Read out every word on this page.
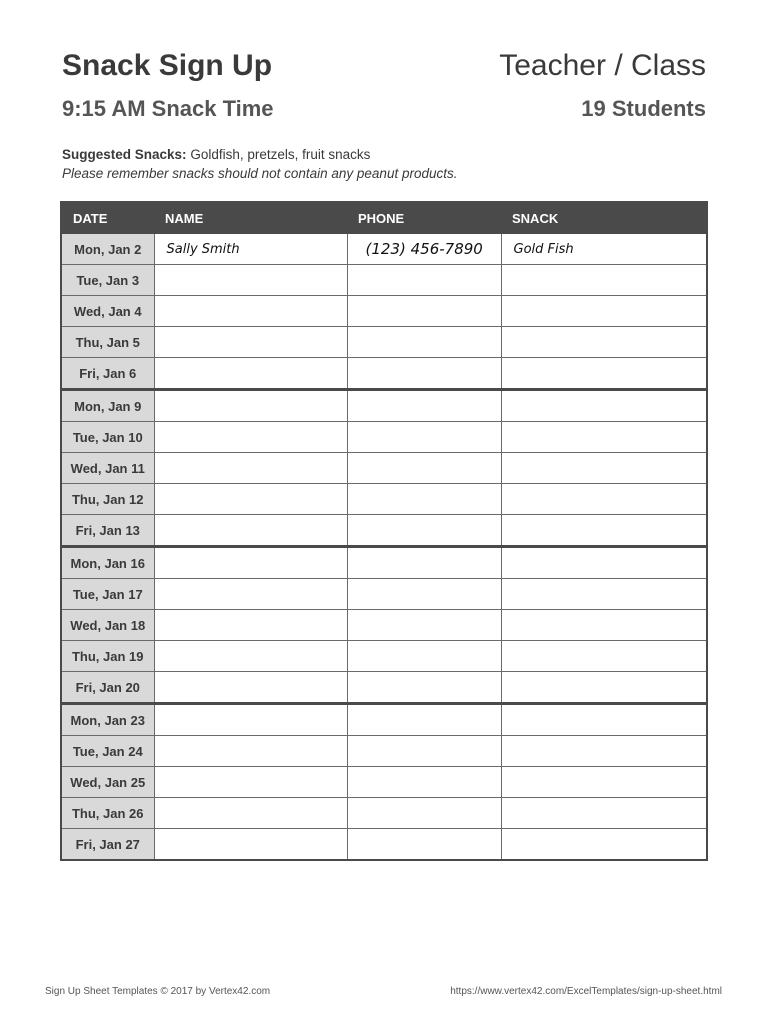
Snack Sign Up	Teacher / Class
9:15 AM Snack Time	19 Students
Suggested Snacks: Goldfish, pretzels, fruit snacks
Please remember snacks should not contain any peanut products.
DATE	NAME	PHONE	SNACK
Mon, Jan 2	Sally Smith	(123) 456-7890	Gold Fish
Tue, Jan 3			
Wed, Jan 4			
Thu, Jan 5			
Fri, Jan 6			
Mon, Jan 9			
Tue, Jan 10			
Wed, Jan 11			
Thu, Jan 12			
Fri, Jan 13			
Mon, Jan 16			
Tue, Jan 17			
Wed, Jan 18			
Thu, Jan 19			
Fri, Jan 20			
Mon, Jan 23			
Tue, Jan 24			
Wed, Jan 25			
Thu, Jan 26			
Fri, Jan 27			
Sign Up Sheet Templates © 2017 by Vertex42.com	https://www.vertex42.com/ExcelTemplates/sign-up-sheet.html
